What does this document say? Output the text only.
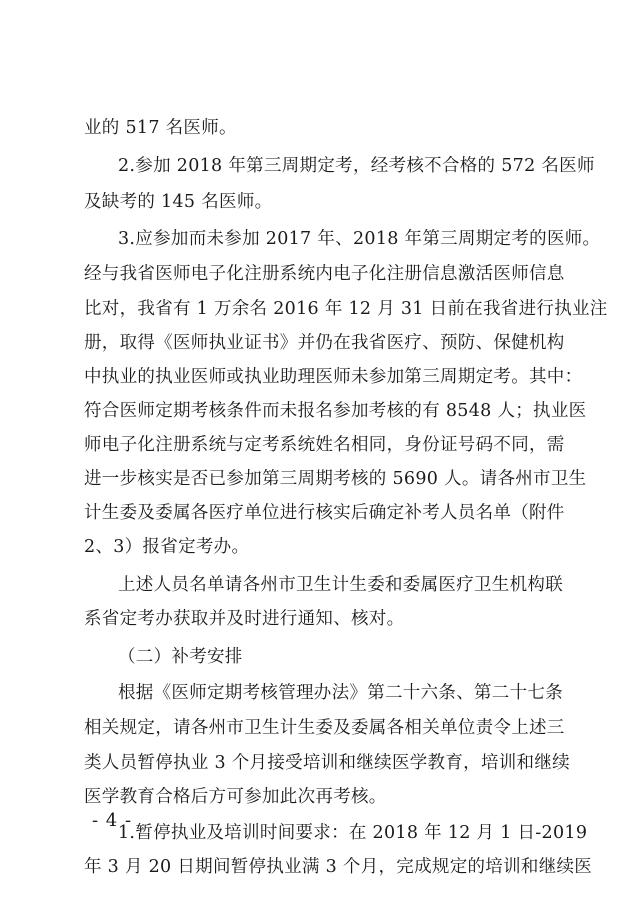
业的 517 名医师。
2.参加 2018 年第三周期定考，经考核不合格的 572 名医师
及缺考的 145 名医师。
3.应参加而未参加 2017 年、2018 年第三周期定考的医师。
经与我省医师电子化注册系统内电子化注册信息激活医师信息
比对，我省有 1 万余名 2016 年 12 月 31 日前在我省进行执业注
册，取得《医师执业证书》并仍在我省医疗、预防、保健机构
中执业的执业医师或执业助理医师未参加第三周期定考。其中：
符合医师定期考核条件而未报名参加考核的有 8548 人；执业医
师电子化注册系统与定考系统姓名相同，身份证号码不同，需
进一步核实是否已参加第三周期考核的 5690 人。请各州市卫生
计生委及委属各医疗单位进行核实后确定补考人员名单（附件
2、3）报省定考办。
上述人员名单请各州市卫生计生委和委属医疗卫生机构联
系省定考办获取并及时进行通知、核对。
（二）补考安排
根据《医师定期考核管理办法》第二十六条、第二十七条
相关规定，请各州市卫生计生委及委属各相关单位责令上述三
类人员暂停执业 3 个月接受培训和继续医学教育，培训和继续
医学教育合格后方可参加此次再考核。
1.暂停执业及培训时间要求：在 2018 年 12 月 1 日-2019
年 3 月 20 日期间暂停执业满 3 个月，完成规定的培训和继续医
- 4 -
